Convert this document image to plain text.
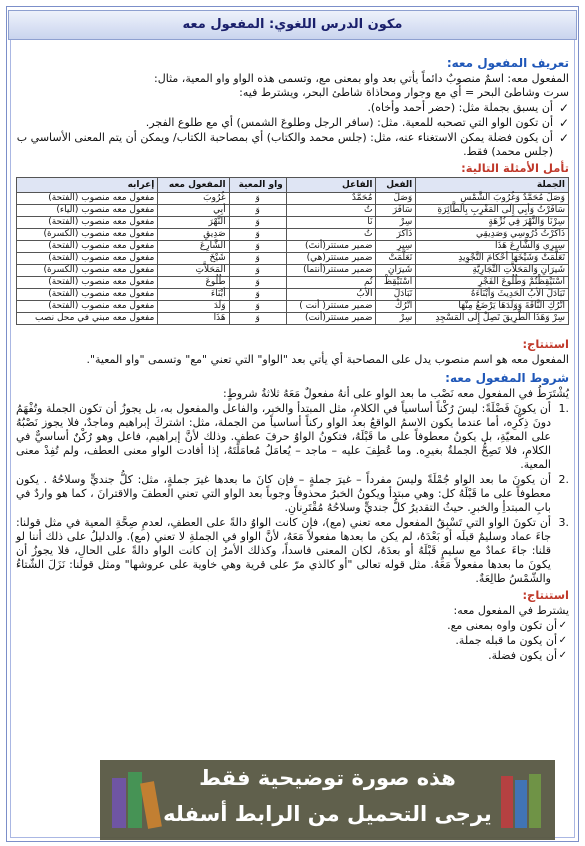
مكون الدرس اللغوي: المفعول معه
تعريف المفعول معه:

المفعول معه: اسمٌ منصوبٌ دائماً يأتي بعد واو بمعنى مع، وتسمى هذه الواو واو المعية، مثال:

سرت وشاطئ البحر = أي مع وجوار ومحاذاة شاطئ البحر، ويشترط فيه:

✓
أن يسبق بجملة مثل: (حضر أحمد وأخاه).
✓
أن تكون الواو التي تصحبه للمعية. مثل: (سافر الرجل وطلوعَ الشمس) أي مع طلوع الفجر.
✓
أن يكون فضلة يمكن الاستغناء عنه، مثل: (جلس محمد والكتاب) أي بمصاحبة الكتاب/ ويمكن أن يتم المعنى الأساسي ب (جلس محمد) فقط.
تأمل الأمثلة التالية:
الجملة	الفعل	الفاعل	واو المعية	المفعول معه	إعرابه
وَصَلَ مُحَمَّدٌ وَغُرُوبَ الشَّمْسِ	وَصَلَ	مُحَمَّدٌ	وَ	غُرُوبَ	مفعول معه منصوب (الفتحة)
سَافَرْتُ وَأبِي إِلَى المَغْرِبِ بِالطَّائِرَةِ	سَافَرَ	تُ	وَ	أبِي	مفعول معه منصوب (الياء)
سِرْنَا وَالنَّهْرَ فِي نُزْهَةٍ	سِرْ	نَا	وَ	النَّهْرَ	مفعول معه منصوب (الفتحة)
ذَاكَرْتُ دُرُوسِي وَصَدِيقِي	ذَاكَرَ	تُ	وَ	صَدِيقِ	مفعول معه منصوب (الكسرة)
سِيرِي وَالشَّارِعَ هَذَا	سِيرِ	ضمير مستتر(أنتَ)	وَ	الشَّارِعَ	مفعول معه منصوب (الفتحة)
تَعَلَّمَتْ وَشَيْخَهَا أحْكَامَ التَّجْوِيدِ	تَعَلَّمَتْ	ضمير مستتر(هي)	وَ	شَيْخَ	مفعول معه منصوب (الفتحة)
شَيرَانِ وَالمَحَلاَّتِ التِّجَارِيَّةِ	شَيرَانِ	ضمير مستتر(أنتما)	وَ	المَحَلاَّتِ	مفعول معه منصوب (الكسرة)
اسْتَيْقِظْتُمْ وَطُلُوعَ الفَجْرِ	اسْتَيْقِظْ	تُم	وَ	طُلُوعَ	مفعول معه منصوب (الفتحة)
تَبَادَلَ الأبُ الحَدِيثَ وَأبْنَاءَهُ	تَبَادَلَ	الأبُ	وَ	أبْنَاءَ	مفعول معه منصوب (الفتحة)
اتْرُكِ النَّاقَةَ وَوَلَدَهَا يَرْضَعُ مِنْهَا	اتْرُكْ	ضمير مستتر( أنت )	وَ	وَلَدَ	مفعول معه منصوب (الفتحة)
سِرْ وَهَذَا الطَّرِيقَ تَصِلْ إِلَى المَسْجِدِ	سِرْ	ضمير مستتر(أنت)	وَ	هَذَا	مفعول معه مبني في محل نصب
استنتاج:

المفعول معه هو اسم منصوب يدل على المصاحبة أي يأتي بعد "الواو" التي تعني "مع" وتسمى "واو المعية".

شروط المفعول معه:

يُشْتَرَطُ في المفعول معه نَصْب ما بعد الواو على أنهُ مفعولٌ مَعَهُ ثلاثةُ شروطٍ:

.1
أن يكونَ فَضْلَةً: ليسَ رُكْناً أساسياً في الكلامِ، مثل المبتدأ والخبر، والفاعل والمفعول به، بل يجوزُ أن تكون الجملة وتُفْهَمُ دونَ ذِكْرِه، أما عندما يكون الاسمُ الواقعُ بعد الواو ركناً أساسياً من الجملة، مثل: اشتركَ إبراهيم وماجدٌ، فلا يجوز نَصْبُهُ على المعيّةِ، بل يكونُ معطوفاً على ما قَبْلَهُ، فتكونُ الواوُ حرفَ عطفٍ. وذلك لأنَّ إبراهيم، فاعل وهو رُكْنٌ أساسيٌّ في الكلامِ، فلا تَصِحُّ الجملةُ بغيرِه. وما عُطِفَ عليه – ماجد – يُعامَلُ مُعامَلَتَهُ، إذا أفادت الواو معنى العطف، ولم تُفِدْ معنى المعية.
.2
أن يكونَ ما بعد الواو جُمْلَةً وليسَ مفرداً – غيرَ جملةٍ – فإن كانَ ما بعدها غيرَ جملةٍ، مثل: كلُّ جنديٍّ وسلاحُهُ . يكون معطوفاً على ما قَبْلَهُ كل: وهي مبتدأ ويكونُ الخبرُ محذوفاً وجوباً بعد الواو التي تعني العطفَ والاقترانَ ، كما هو واردٌ في بابِ المبتدأِ والخبرِ. حيثُ التقديرُ كلُّ جنديٍّ وسلاحُهُ مُقْتَرِنانِ.
.3
أن تكونَ الواو التي تَسْبِقُ المفعول معه تعني (مع)، فإن كانت الواوُ دالةً على العطفِ، لعدمِ صِحَّةِ المعية في مثل قولنا: جاءَ عماد وسليمٌ قبلَه أو بَعْدَهُ، لم يكن ما بعدها مفعولاً مَعَهُ، لأنَّ الواو في الجملةِ لا تعني (مع). والدليلُ على ذلك أننا لو قلنا: جاءَ عمادٌ مع سليمٍ قَبْلَهُ أو بعدَهُ، لكان المعنى فاسداً، وكذلك الأمرُ إن كانت الواو دالةً على الحالِ، فلا يجوزُ أن يكونَ ما بعدها مفعولاً مَعَهُ. مثل قوله تعالى "أو كالذي مرّ على قرية وهي خاوية على عروشها" ومثل قولنا: نَزَلَ الشّتاءُ والشّمْسُ طالِعَةٌ.
استنتاج:

يشترط في المفعول معه:

✓
أن تكون واوه بمعنى مع.
✓
أن يكون ما قبله جملة.
✓
أن يكون فضلة.
هذه صورة توضيحية فقط
يرجى التحميل من الرابط أسفله
